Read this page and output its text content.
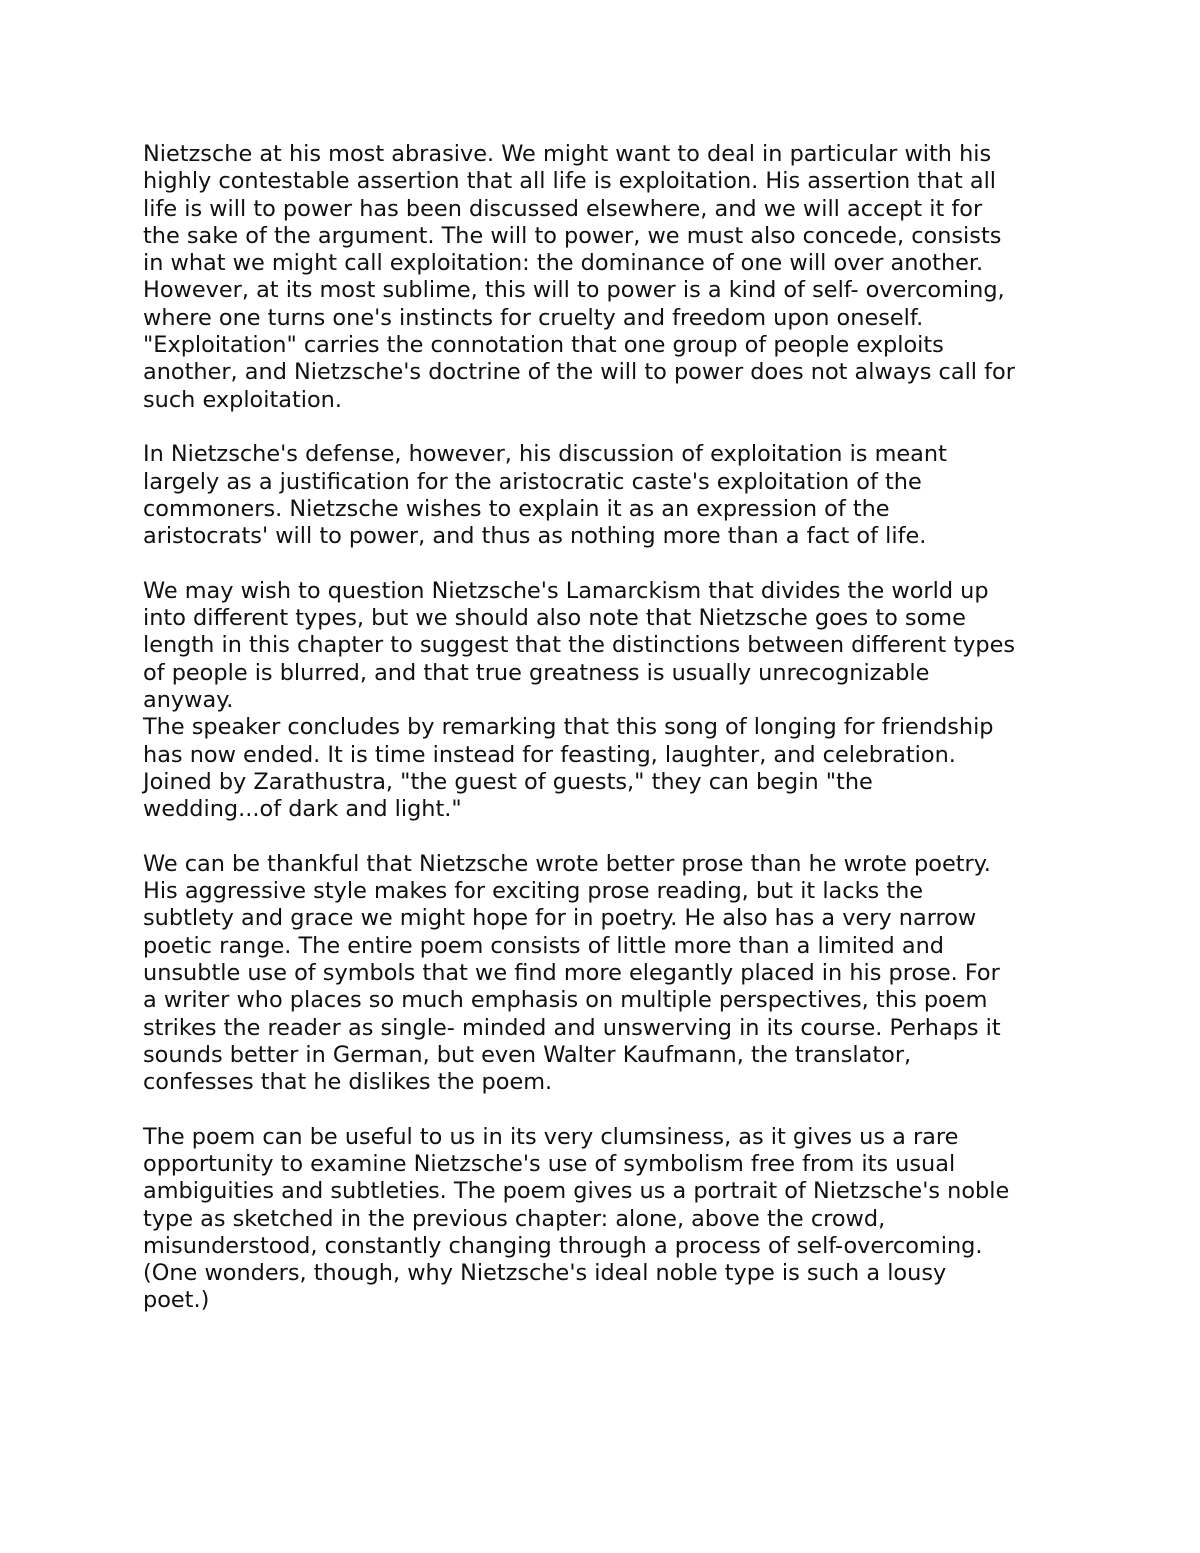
Nietzsche at his most abrasive. We might want to deal in particular with his
highly contestable assertion that all life is exploitation. His assertion that all
life is will to power has been discussed elsewhere, and we will accept it for
the sake of the argument. The will to power, we must also concede, consists
in what we might call exploitation: the dominance of one will over another.
However, at its most sublime, this will to power is a kind of self- overcoming,
where one turns one's instincts for cruelty and freedom upon oneself.
"Exploitation" carries the connotation that one group of people exploits
another, and Nietzsche's doctrine of the will to power does not always call for
such exploitation.
In Nietzsche's defense, however, his discussion of exploitation is meant
largely as a justification for the aristocratic caste's exploitation of the
commoners. Nietzsche wishes to explain it as an expression of the
aristocrats' will to power, and thus as nothing more than a fact of life.
We may wish to question Nietzsche's Lamarckism that divides the world up
into different types, but we should also note that Nietzsche goes to some
length in this chapter to suggest that the distinctions between different types
of people is blurred, and that true greatness is usually unrecognizable
anyway.
The speaker concludes by remarking that this song of longing for friendship
has now ended. It is time instead for feasting, laughter, and celebration.
Joined by Zarathustra, "the guest of guests," they can begin "the
wedding...of dark and light."
We can be thankful that Nietzsche wrote better prose than he wrote poetry.
His aggressive style makes for exciting prose reading, but it lacks the
subtlety and grace we might hope for in poetry. He also has a very narrow
poetic range. The entire poem consists of little more than a limited and
unsubtle use of symbols that we find more elegantly placed in his prose. For
a writer who places so much emphasis on multiple perspectives, this poem
strikes the reader as single- minded and unswerving in its course. Perhaps it
sounds better in German, but even Walter Kaufmann, the translator,
confesses that he dislikes the poem.
The poem can be useful to us in its very clumsiness, as it gives us a rare
opportunity to examine Nietzsche's use of symbolism free from its usual
ambiguities and subtleties. The poem gives us a portrait of Nietzsche's noble
type as sketched in the previous chapter: alone, above the crowd,
misunderstood, constantly changing through a process of self-overcoming.
(One wonders, though, why Nietzsche's ideal noble type is such a lousy
poet.)
